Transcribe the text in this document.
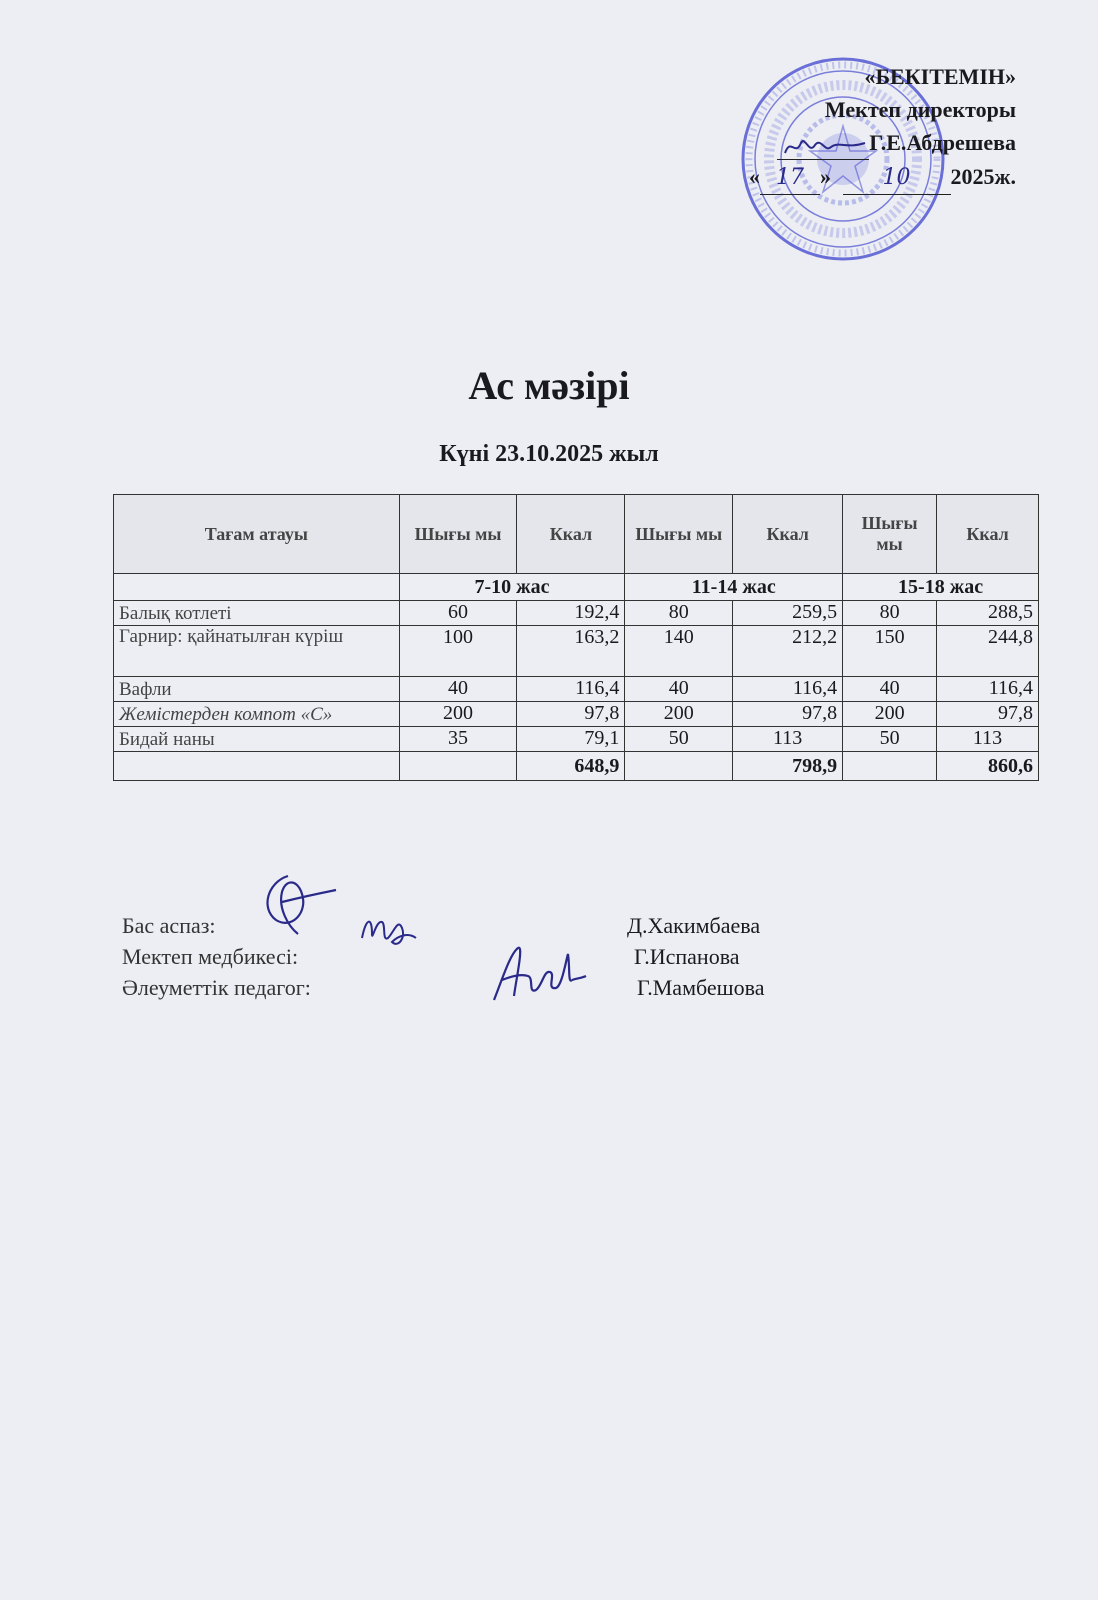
«БЕКІТЕМІН»
Мектеп директоры
Г.Е.Абдрешева
« 17 » 10 2025ж.
Ас мәзірі
Күні 23.10.2025 жыл
Тағам атауы	Шығы мы	Ккал	Шығы мы	Ккал	Шығы мы	Ккал
	7-10 жас		11-14 жас		15-18 жас	
Балық котлеті	60	192,4	80	259,5	80	288,5
Гарнир: қайнатылған күріш	100	163,2	140	212,2	150	244,8
Вафли	40	116,4	40	116,4	40	116,4
Жемістерден компот «С»	200	97,8	200	97,8	200	97,8
Бидай наны	35	79,1	50	113	50	113
		648,9		798,9		860,6
Бас аспаз:	Д.Хакимбаева
Мектеп медбикесі:	Г.Испанова
Әлеуметтік педагог:	Г.Мамбешова
